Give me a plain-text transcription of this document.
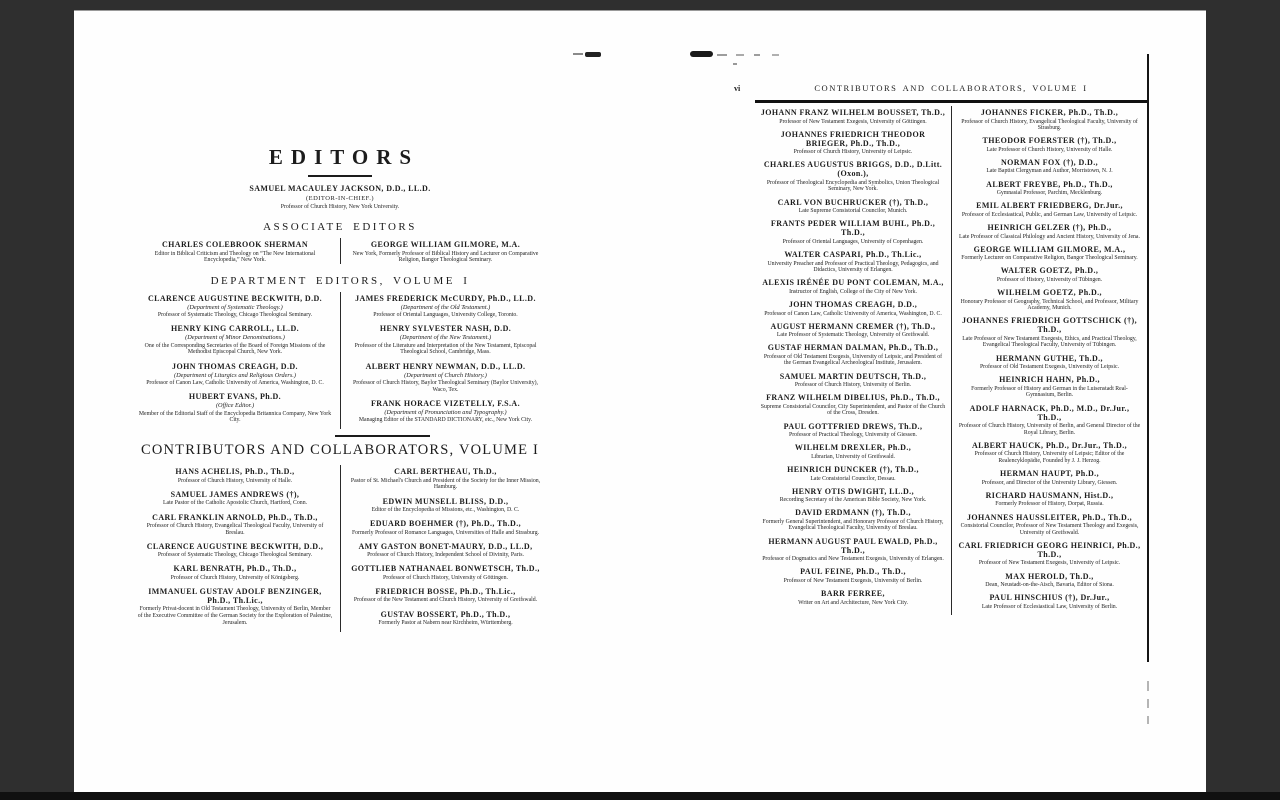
EDITORS
SAMUEL MACAULEY JACKSON, D.D., LL.D.
(EDITOR-IN-CHIEF.)
Professor of Church History, New York University.
ASSOCIATE EDITORS
CHARLES COLEBROOK SHERMAN
Editor in Biblical Criticism and Theology on “The New International Encyclopedia,” New York.
GEORGE WILLIAM GILMORE, M.A.
New York, Formerly Professor of Biblical History and Lecturer on Comparative Religion, Bangor Theological Seminary.
DEPARTMENT EDITORS, VOLUME I
CLARENCE AUGUSTINE BECKWITH, D.D.
(Department of Systematic Theology.)
Professor of Systematic Theology, Chicago Theological Seminary.
HENRY KING CARROLL, LL.D.
(Department of Minor Denominations.)
One of the Corresponding Secretaries of the Board of Foreign Missions of the Methodist Episcopal Church, New York.
JOHN THOMAS CREAGH, D.D.
(Department of Liturgics and Religious Orders.)
Professor of Canon Law, Catholic University of America, Washington, D. C.
HUBERT EVANS, Ph.D.
(Office Editor.)
Member of the Editorial Staff of the Encyclopedia Britannica Company, New York City.
JAMES FREDERICK McCURDY, Ph.D., LL.D.
(Department of the Old Testament.)
Professor of Oriental Languages, University College, Toronto.
HENRY SYLVESTER NASH, D.D.
(Department of the New Testament.)
Professor of the Literature and Interpretation of the New Testament, Episcopal Theological School, Cambridge, Mass.
ALBERT HENRY NEWMAN, D.D., LL.D.
(Department of Church History.)
Professor of Church History, Baylor Theological Seminary (Baylor University), Waco, Tex.
FRANK HORACE VIZETELLY, F.S.A.
(Department of Pronunciation and Typography.)
Managing Editor of the STANDARD DICTIONARY, etc., New York City.
CONTRIBUTORS AND COLLABORATORS, VOLUME I
HANS ACHELIS, Ph.D., Th.D.,
Professor of Church History, University of Halle.
SAMUEL JAMES ANDREWS (†),
Late Pastor of the Catholic Apostolic Church, Hartford, Conn.
CARL FRANKLIN ARNOLD, Ph.D., Th.D.,
Professor of Church History, Evangelical Theological Faculty, University of Breslau.
CLARENCE AUGUSTINE BECKWITH, D.D.,
Professor of Systematic Theology, Chicago Theological Seminary.
KARL BENRATH, Ph.D., Th.D.,
Professor of Church History, University of Königsberg.
IMMANUEL GUSTAV ADOLF BENZINGER, Ph.D., Th.Lic.,
Formerly Privat-docent in Old Testament Theology, University of Berlin, Member of the Executive Committee of the German Society for the Exploration of Palestine, Jerusalem.
CARL BERTHEAU, Th.D.,
Pastor of St. Michael's Church and President of the Society for the Inner Mission, Hamburg.
EDWIN MUNSELL BLISS, D.D.,
Editor of the Encyclopedia of Missions, etc., Washington, D. C.
EDUARD BOEHMER (†), Ph.D., Th.D.,
Formerly Professor of Romance Languages, Universities of Halle and Strasburg.
AMY GASTON BONET-MAURY, D.D., LL.D,
Professor of Church History, Independent School of Divinity, Paris.
GOTTLIEB NATHANAEL BONWETSCH, Th.D.,
Professor of Church History, University of Göttingen.
FRIEDRICH BOSSE, Ph.D., Th.Lic.,
Professor of the New Testament and Church History, University of Greifswald.
GUSTAV BOSSERT, Ph.D., Th.D.,
Formerly Pastor at Nabern near Kirchheim, Württemberg.
vi	CONTRIBUTORS AND COLLABORATORS, VOLUME I
JOHANN FRANZ WILHELM BOUSSET, Th.D.,
Professor of New Testament Exegesis, University of Göttingen.
JOHANNES FRIEDRICH THEODOR BRIEGER, Ph.D., Th.D.,
Professor of Church History, University of Leipsic.
CHARLES AUGUSTUS BRIGGS, D.D., D.Litt. (Oxon.),
Professor of Theological Encyclopedia and Symbolics, Union Theological Seminary, New York.
CARL VON BUCHRUCKER (†), Th.D.,
Late Supreme Consistorial Councilor, Munich.
FRANTS PEDER WILLIAM BUHL, Ph.D., Th.D.,
Professor of Oriental Languages, University of Copenhagen.
WALTER CASPARI, Ph.D., Th.Lic.,
University Preacher and Professor of Practical Theology, Pedagogics, and Didactics, University of Erlangen.
ALEXIS IRÉNÉE DU PONT COLEMAN, M.A.,
Instructor of English, College of the City of New York.
JOHN THOMAS CREAGH, D.D.,
Professor of Canon Law, Catholic University of America, Washington, D. C.
AUGUST HERMANN CREMER (†), Th.D.,
Late Professor of Systematic Theology, University of Greifswald.
GUSTAF HERMAN DALMAN, Ph.D., Th.D.,
Professor of Old Testament Exegesis, University of Leipsic, and President of the German Evangelical Archeological Institute, Jerusalem.
SAMUEL MARTIN DEUTSCH, Th.D.,
Professor of Church History, University of Berlin.
FRANZ WILHELM DIBELIUS, Ph.D., Th.D.,
Supreme Consistorial Councilor, City Superintendent, and Pastor of the Church of the Cross, Dresden.
PAUL GOTTFRIED DREWS, Th.D.,
Professor of Practical Theology, University of Giessen.
WILHELM DREXLER, Ph.D.,
Librarian, University of Greifswald.
HEINRICH DUNCKER (†), Th.D.,
Late Consistorial Councilor, Dessau.
HENRY OTIS DWIGHT, LL.D.,
Recording Secretary of the American Bible Society, New York.
DAVID ERDMANN (†), Th.D.,
Formerly General Superintendent, and Honorary Professor of Church History, Evangelical Theological Faculty, University of Breslau.
HERMANN AUGUST PAUL EWALD, Ph.D., Th.D.,
Professor of Dogmatics and New Testament Exegesis, University of Erlangen.
PAUL FEINE, Ph.D., Th.D.,
Professor of New Testament Exegesis, University of Berlin.
BARR FERREE,
Writer on Art and Architecture, New York City.
JOHANNES FICKER, Ph.D., Th.D.,
Professor of Church History, Evangelical Theological Faculty, University of Strasburg.
THEODOR FOERSTER (†), Th.D.,
Late Professor of Church History, University of Halle.
NORMAN FOX (†), D.D.,
Late Baptist Clergyman and Author, Morristown, N. J.
ALBERT FREYBE, Ph.D., Th.D.,
Gymnasial Professor, Parchim, Mecklenburg.
EMIL ALBERT FRIEDBERG, Dr.Jur.,
Professor of Ecclesiastical, Public, and German Law, University of Leipsic.
HEINRICH GELZER (†), Ph.D.,
Late Professor of Classical Philology and Ancient History, University of Jena.
GEORGE WILLIAM GILMORE, M.A.,
Formerly Lecturer on Comparative Religion, Bangor Theological Seminary.
WALTER GOETZ, Ph.D.,
Professor of History, University of Tübingen.
WILHELM GOETZ, Ph.D.,
Honorary Professor of Geography, Technical School, and Professor, Military Academy, Munich.
JOHANNES FRIEDRICH GOTTSCHICK (†), Th.D.,
Late Professor of New Testament Exegesis, Ethics, and Practical Theology, Evangelical Theological Faculty, University of Tübingen.
HERMANN GUTHE, Th.D.,
Professor of Old Testament Exegesis, University of Leipsic.
HEINRICH HAHN, Ph.D.,
Formerly Professor of History and German in the Luisenstadt Real-Gymnasium, Berlin.
ADOLF HARNACK, Ph.D., M.D., Dr.Jur., Th.D.,
Professor of Church History, University of Berlin, and General Director of the Royal Library, Berlin.
ALBERT HAUCK, Ph.D., Dr.Jur., Th.D.,
Professor of Church History, University of Leipsic; Editor of the Realencyklopädie, Founded by J. J. Herzog.
HERMAN HAUPT, Ph.D.,
Professor, and Director of the University Library, Giessen.
RICHARD HAUSMANN, Hist.D.,
Formerly Professor of History, Dorpat, Russia.
JOHANNES HAUSSLEITER, Ph.D., Th.D.,
Consistorial Councilor, Professor of New Testament Theology and Exegesis, University of Greifswald.
CARL FRIEDRICH GEORG HEINRICI, Ph.D., Th.D.,
Professor of New Testament Exegesis, University of Leipsic.
MAX HEROLD, Th.D.,
Dean, Neustadt-on-the-Aisch, Bavaria, Editor of Siona.
PAUL HINSCHIUS (†), Dr.Jur.,
Late Professor of Ecclesiastical Law, University of Berlin.
